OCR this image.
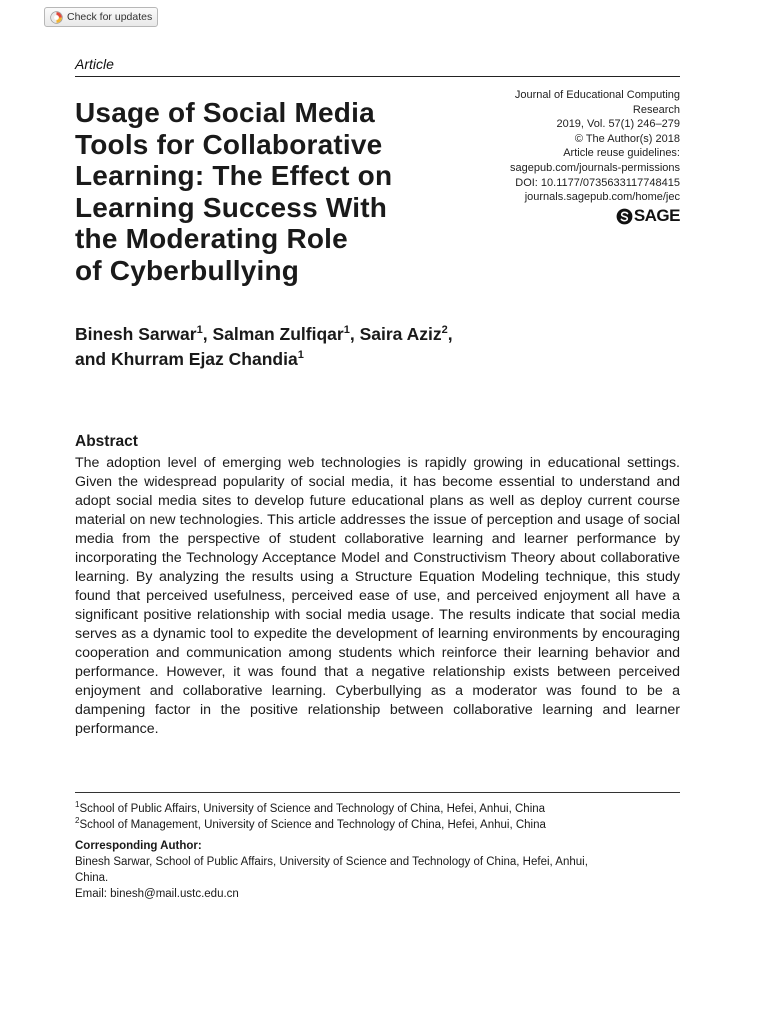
Check for updates
Article
Usage of Social Media
Tools for Collaborative
Learning: The Effect on
Learning Success With
the Moderating Role
of Cyberbullying
Journal of Educational Computing
Research
2019, Vol. 57(1) 246–279
© The Author(s) 2018
Article reuse guidelines:
sagepub.com/journals-permissions
DOI: 10.1177/0735633117748415
journals.sagepub.com/home/jec
SAGE
Binesh Sarwar$^1$, Salman Zulfiqar$^1$, Saira Aziz$^2$,
and Khurram Ejaz Chandia$^1$
Abstract

The adoption level of emerging web technologies is rapidly growing in educational settings. Given the widespread popularity of social media, it has become essential to understand and adopt social media sites to develop future educational plans as well as deploy current course material on new technologies. This article addresses the issue of perception and usage of social media from the perspective of student collaborative learning and learner performance by incorporating the Technology Acceptance Model and Constructivism Theory about collaborative learning. By analyzing the results using a Structure Equation Modeling technique, this study found that perceived usefulness, perceived ease of use, and perceived enjoyment all have a significant positive relationship with social media usage. The results indicate that social media serves as a dynamic tool to expedite the development of learning environments by encouraging cooperation and communication among students which reinforce their learning behavior and performance. However, it was found that a negative relationship exists between perceived enjoyment and collaborative learning. Cyberbullying as a moderator was found to be a dampening factor in the positive relationship between collaborative learning and learner performance.

$^1$School of Public Affairs, University of Science and Technology of China, Hefei, Anhui, China
$^2$School of Management, University of Science and Technology of China, Hefei, Anhui, China
Corresponding Author:
Binesh Sarwar, School of Public Affairs, University of Science and Technology of China, Hefei, Anhui,
China.
Email: binesh@mail.ustc.edu.cn
